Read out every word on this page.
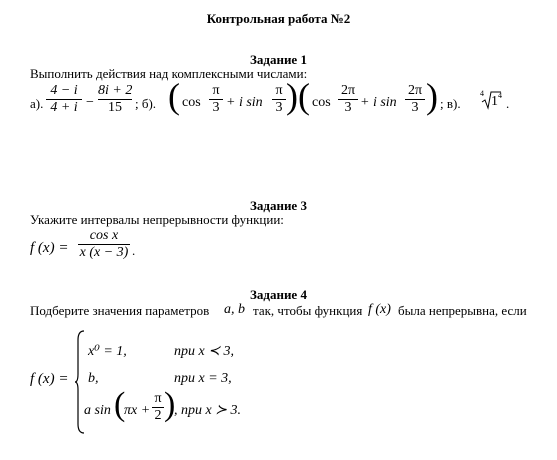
Контрольная работа №2
Задание 1
Выполнить действия над комплексными числами:
а).
4 − i
4 + i −
8i + 2
15	; б). ( cos
π
3 + i sin
π
3 ) ( cos
2π
3 + i sin
2π
3 ) ; в).
4
1 4
.
Задание 3
Укажите интервалы непрерывности функции:
f (x) =
cos x
x (x − 3) .
Задание 4
Подберите значения параметров a, b так, чтобы функция f (x) была непрерывна, если
f (x) =
x⁰ = 1,	при x ≺ 3,
b,	при x = 3,
a sin (
πx +
π
2 )
, при x ≻ 3.
